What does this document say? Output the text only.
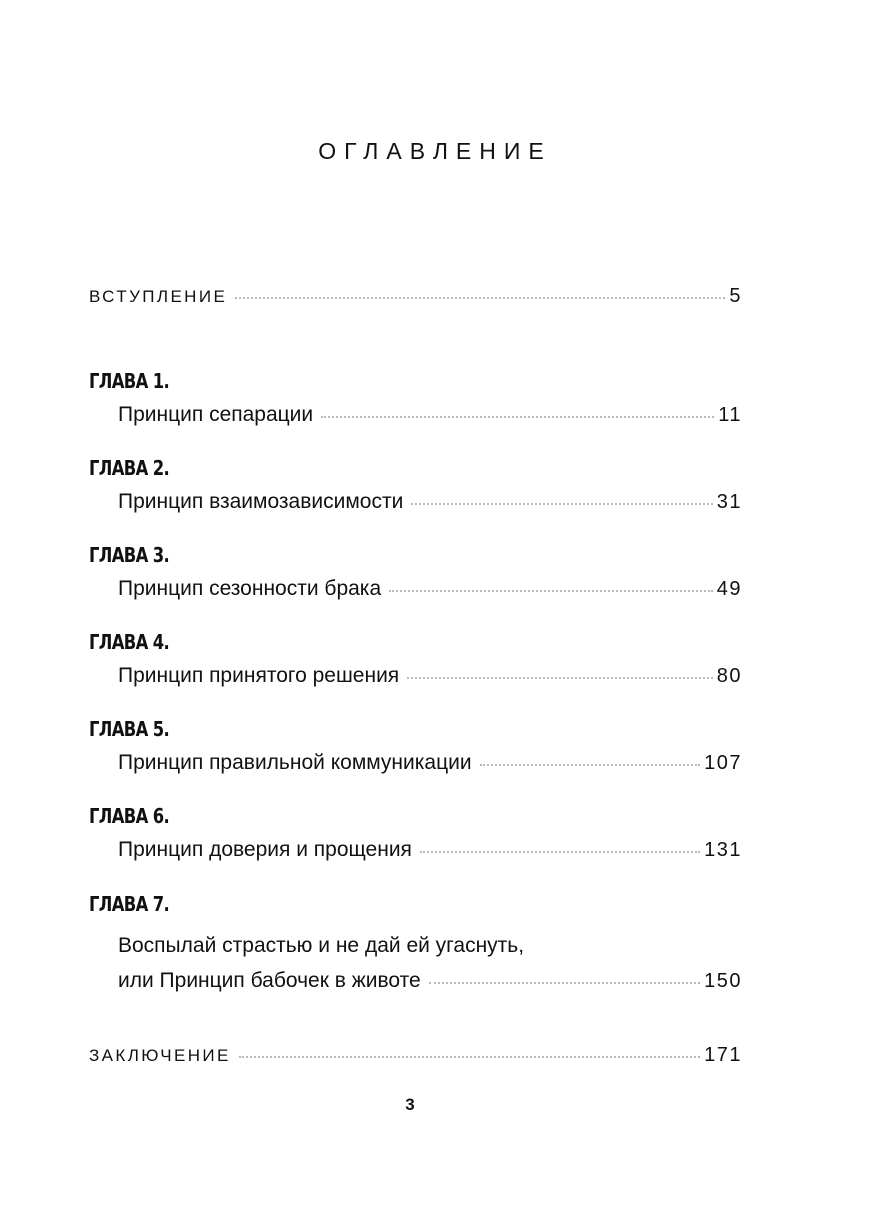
ОГЛАВЛЕНИЕ
ВСТУПЛЕНИЕ	5
ГЛАВА 1.
Принцип сепарации	11
ГЛАВА 2.
Принцип взаимозависимости	31
ГЛАВА 3.
Принцип сезонности брака	49
ГЛАВА 4.
Принцип принятого решения	80
ГЛАВА 5.
Принцип правильной коммуникации	107
ГЛАВА 6.
Принцип доверия и прощения	131
ГЛАВА 7.
Воспылай страстью и не дай ей угаснуть,
или Принцип бабочек в животе	150
ЗАКЛЮЧЕНИЕ	171
3
